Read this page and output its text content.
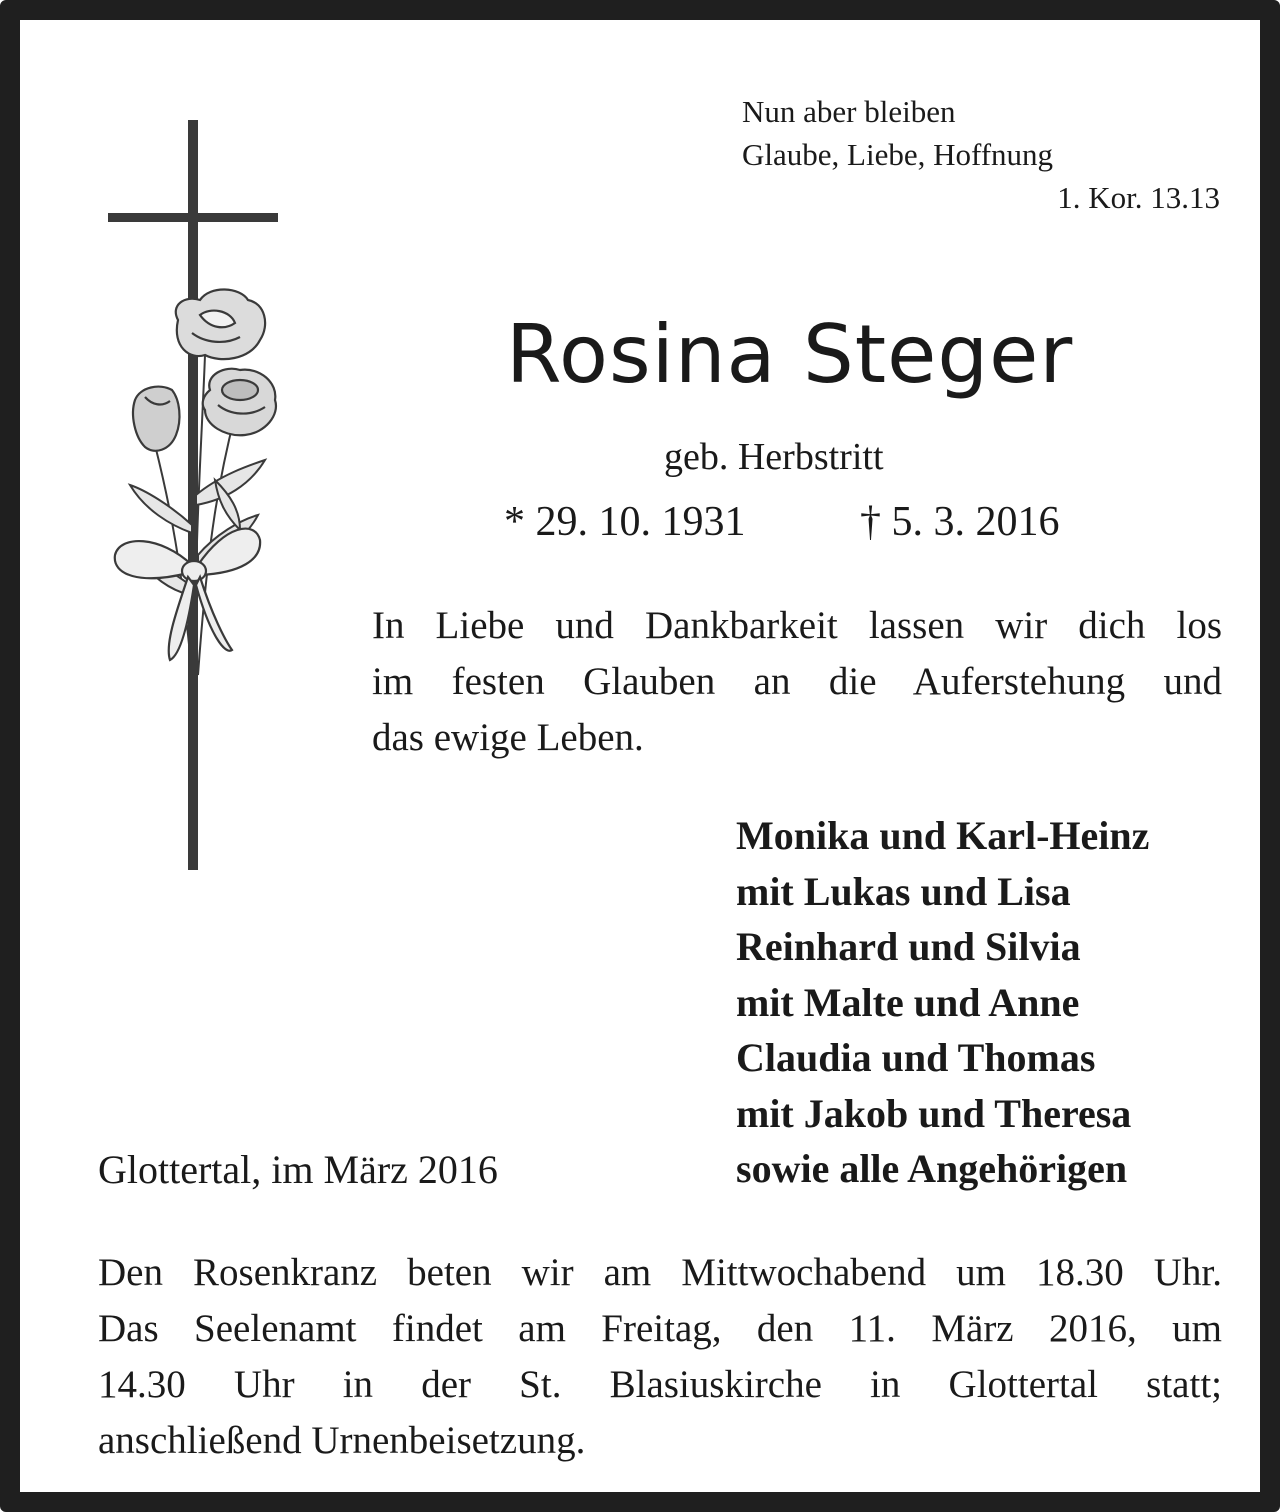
Nun aber bleiben
Glaube, Liebe, Hoffnung

1. Kor. 13.13
Rosina Steger
geb. Herbstritt
* 29. 10. 1931	† 5. 3. 2016
In Liebe und Dankbarkeit lassen wir dich los
im festen Glauben an die Auferstehung und
das ewige Leben.
Monika und Karl-Heinz
mit Lukas und Lisa
Reinhard und Silvia
mit Malte und Anne
Claudia und Thomas
mit Jakob und Theresa
sowie alle Angehörigen
Glottertal, im März 2016
Den Rosenkranz beten wir am Mittwochabend um 18.30 Uhr.
Das Seelenamt findet am Freitag, den 11. März 2016, um
14.30 Uhr in der St. Blasiuskirche in Glottertal statt;
anschließend Urnenbeisetzung.
